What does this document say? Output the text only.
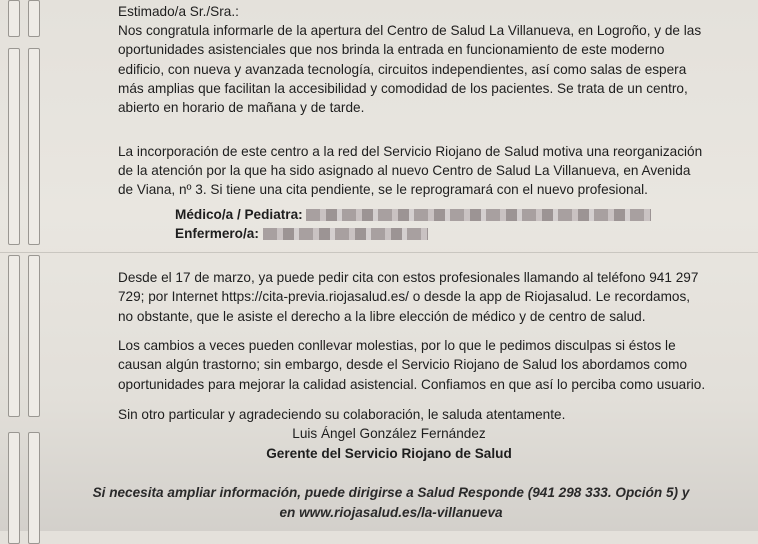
Estimado/a Sr./Sra.:
Nos congratula informarle de la apertura del Centro de Salud La Villanueva, en Logroño, y de las
oportunidades asistenciales que nos brinda la entrada en funcionamiento de este moderno
edificio, con nueva y avanzada tecnología, circuitos independientes, así como salas de espera
más amplias que facilitan la accesibilidad y comodidad de los pacientes. Se trata de un centro,
abierto en horario de mañana y de tarde.
La incorporación de este centro a la red del Servicio Riojano de Salud motiva una reorganización
de la atención por la que ha sido asignado al nuevo Centro de Salud La Villanueva, en Avenida
de Viana, nº 3. Si tiene una cita pendiente, se le reprogramará con el nuevo profesional.
Médico/a / Pediatra:
Enfermero/a:
Desde el 17 de marzo, ya puede pedir cita con estos profesionales llamando al teléfono 941 297
729; por Internet https://cita-previa.riojasalud.es/ o desde la app de Riojasalud. Le recordamos,
no obstante, que le asiste el derecho a la libre elección de médico y de centro de salud.
Los cambios a veces pueden conllevar molestias, por lo que le pedimos disculpas si éstos le
causan algún trastorno; sin embargo, desde el Servicio Riojano de Salud los abordamos como
oportunidades para mejorar la calidad asistencial. Confiamos en que así lo perciba como usuario.
Sin otro particular y agradeciendo su colaboración, le saluda atentamente.
Luis Ángel González Fernández
Gerente del Servicio Riojano de Salud
Si necesita ampliar información, puede dirigirse a Salud Responde (941 298 333. Opción 5) y
en www.riojasalud.es/la-villanueva
